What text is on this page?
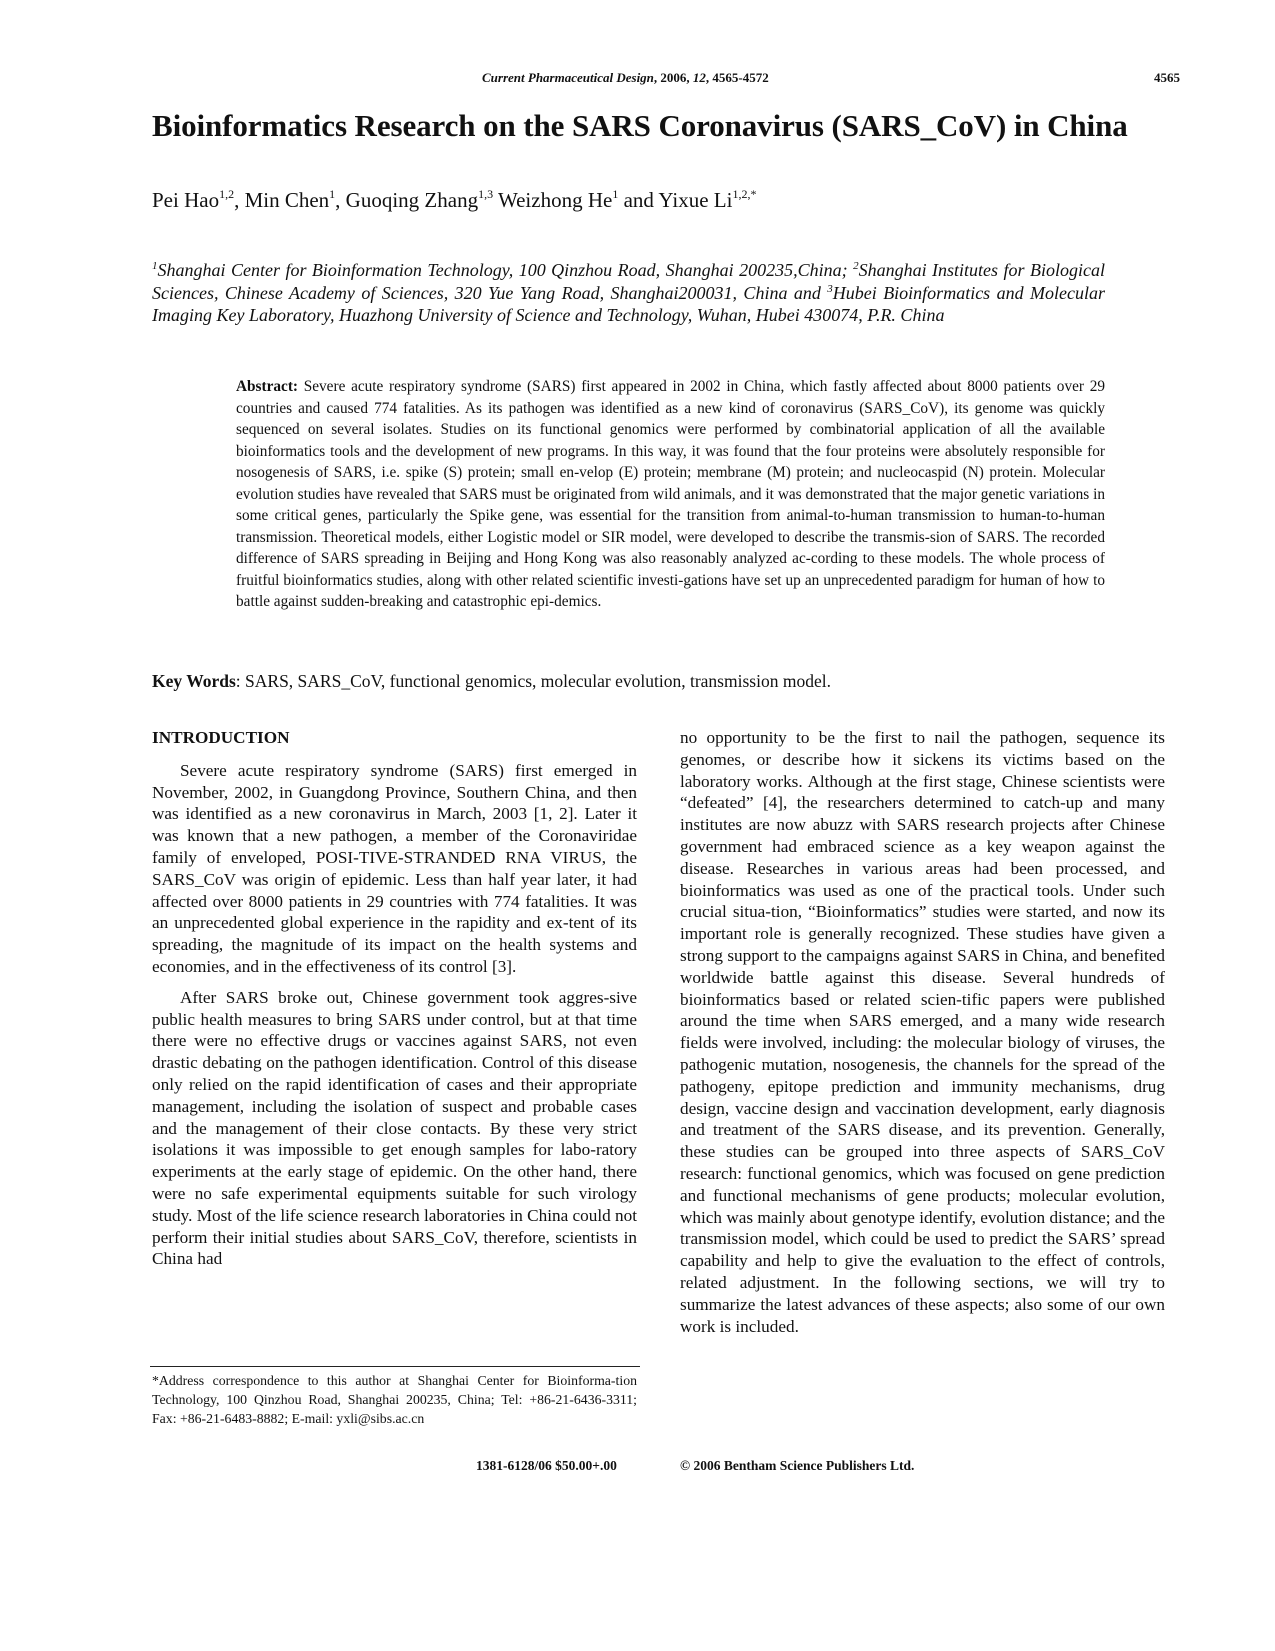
Current Pharmaceutical Design, 2006, 12, 4565-4572	4565
Bioinformatics Research on the SARS Coronavirus (SARS_CoV) in China
Pei Hao$^{1,2}$, Min Chen$^1$, Guoqing Zhang$^{1,3}$ Weizhong He$^1$ and Yixue $Li^{1,2,*}$
$^1$Shanghai Center for Bioinformation Technology, 100 Qinzhou Road, Shanghai 200235,China; $^2$Shanghai Institutes for Biological Sciences, Chinese Academy of Sciences, 320 Yue Yang Road, Shanghai200031, China and $^3$Hubei Bioinformatics and Molecular Imaging Key Laboratory, Huazhong University of Science and Technology, Wuhan, Hubei 430074, P.R. China
Abstract: Severe acute respiratory syndrome (SARS) first appeared in 2002 in China, which fastly affected about 8000 patients over 29 countries and caused 774 fatalities. As its pathogen was identified as a new kind of coronavirus (SARS_CoV), its genome was quickly sequenced on several isolates. Studies on its functional genomics were performed by combinatorial application of all the available bioinformatics tools and the development of new programs. In this way, it was found that the four proteins were absolutely responsible for nosogenesis of SARS, i.e. spike (S) protein; small en-velop (E) protein; membrane (M) protein; and nucleocaspid (N) protein. Molecular evolution studies have revealed that SARS must be originated from wild animals, and it was demonstrated that the major genetic variations in some critical genes, particularly the Spike gene, was essential for the transition from animal-to-human transmission to human-to-human transmission. Theoretical models, either Logistic model or SIR model, were developed to describe the transmis-sion of SARS. The recorded difference of SARS spreading in Beijing and Hong Kong was also reasonably analyzed ac-cording to these models. The whole process of fruitful bioinformatics studies, along with other related scientific investi-gations have set up an unprecedented paradigm for human of how to battle against sudden-breaking and catastrophic epi-demics.
Key Words: SARS, SARS_CoV, functional genomics, molecular evolution, transmission model.

INTRODUCTION

Severe acute respiratory syndrome (SARS) first emerged in November, 2002, in Guangdong Province, Southern China, and then was identified as a new coronavirus in March, 2003 [1, 2]. Later it was known that a new pathogen, a member of the Coronaviridae family of enveloped, POSI-TIVE-STRANDED RNA VIRUS, the SARS_CoV was origin of epidemic. Less than half year later, it had affected over 8000 patients in 29 countries with 774 fatalities. It was an unprecedented global experience in the rapidity and ex-tent of its spreading, the magnitude of its impact on the health systems and economies, and in the effectiveness of its control [3].

After SARS broke out, Chinese government took aggres-sive public health measures to bring SARS under control, but at that time there were no effective drugs or vaccines against SARS, not even drastic debating on the pathogen identification. Control of this disease only relied on the rapid identification of cases and their appropriate management, including the isolation of suspect and probable cases and the management of their close contacts. By these very strict isolations it was impossible to get enough samples for labo-ratory experiments at the early stage of epidemic. On the other hand, there were no safe experimental equipments suitable for such virology study. Most of the life science research laboratories in China could not perform their initial studies about SARS_CoV, therefore, scientists in China had

no opportunity to be the first to nail the pathogen, sequence its genomes, or describe how it sickens its victims based on the laboratory works. Although at the first stage, Chinese scientists were “defeated” [4], the researchers determined to catch-up and many institutes are now abuzz with SARS research projects after Chinese government had embraced science as a key weapon against the disease. Researches in various areas had been processed, and bioinformatics was used as one of the practical tools. Under such crucial situa-tion, “Bioinformatics” studies were started, and now its important role is generally recognized. These studies have given a strong support to the campaigns against SARS in China, and benefited worldwide battle against this disease. Several hundreds of bioinformatics based or related scien-tific papers were published around the time when SARS emerged, and a many wide research fields were involved, including: the molecular biology of viruses, the pathogenic mutation, nosogenesis, the channels for the spread of the pathogeny, epitope prediction and immunity mechanisms, drug design, vaccine design and vaccination development, early diagnosis and treatment of the SARS disease, and its prevention. Generally, these studies can be grouped into three aspects of SARS_CoV research: functional genomics, which was focused on gene prediction and functional mechanisms of gene products; molecular evolution, which was mainly about genotype identify, evolution distance; and the transmission model, which could be used to predict the SARS’ spread capability and help to give the evaluation to the effect of controls, related adjustment. In the following sections, we will try to summarize the latest advances of these aspects; also some of our own work is included.

*Address correspondence to this author at Shanghai Center for Bioinforma-tion Technology, 100 Qinzhou Road, Shanghai 200235, China; Tel: +86-21-6436-3311; Fax: +86-21-6483-8882; E-mail: yxli@sibs.ac.cn
1381-6128/06 $50.00+.00	© 2006 Bentham Science Publishers Ltd.
